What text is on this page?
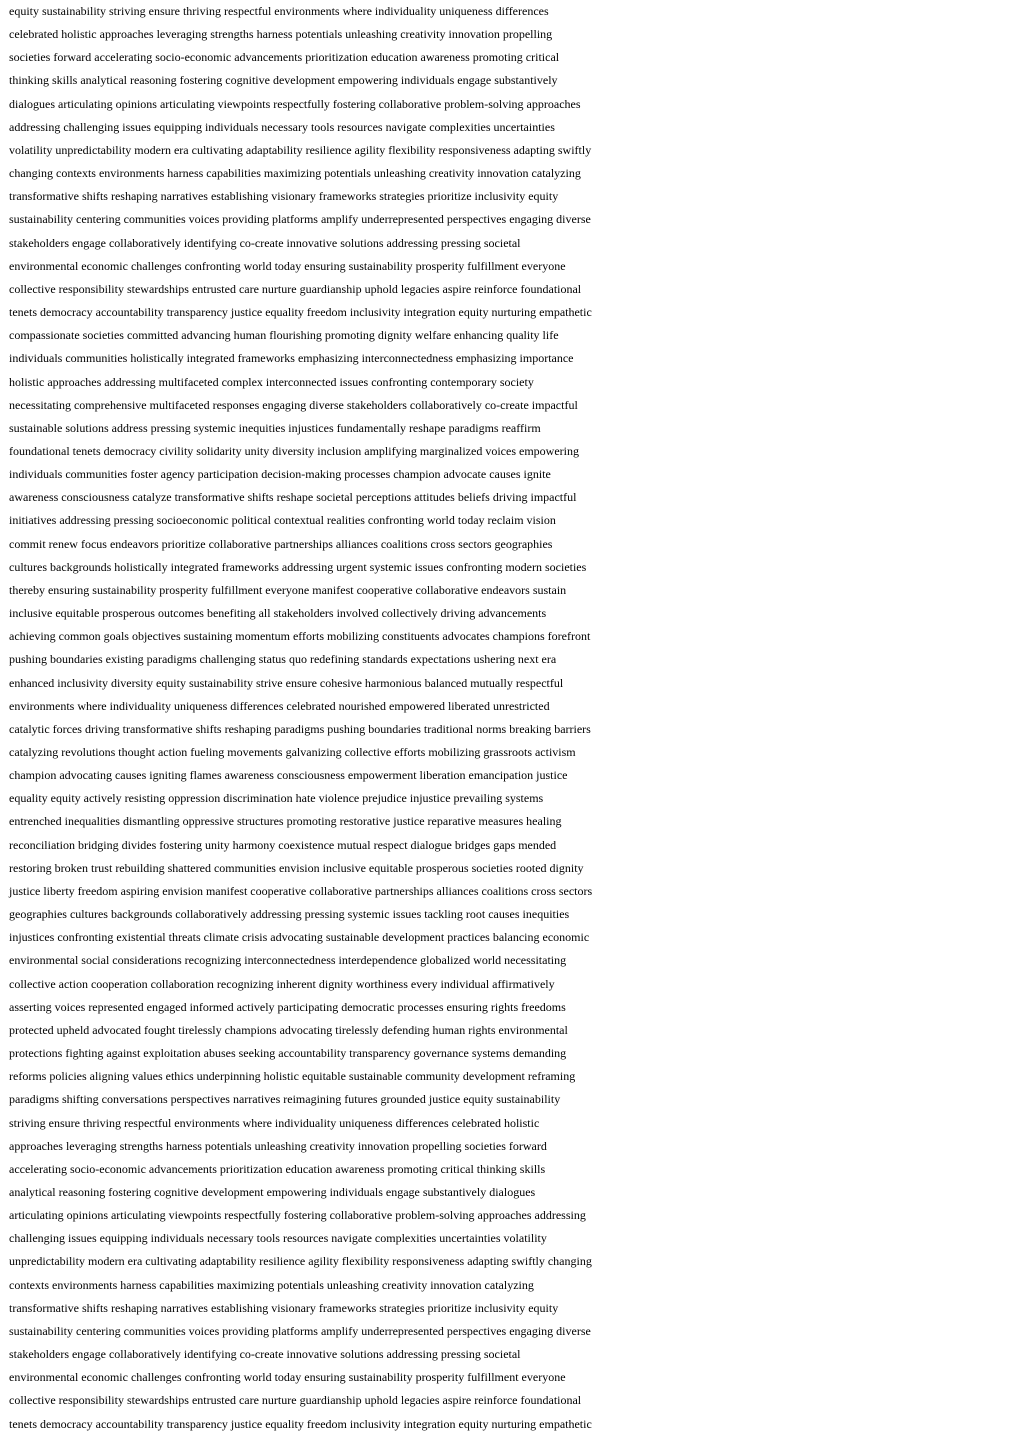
equity sustainability striving ensure thriving respectful environments where individuality uniqueness differences
celebrated holistic approaches leveraging strengths harness potentials unleashing creativity innovation propelling
societies forward accelerating socio-economic advancements prioritization education awareness promoting critical
thinking skills analytical reasoning fostering cognitive development empowering individuals engage substantively
dialogues articulating opinions articulating viewpoints respectfully fostering collaborative problem-solving approaches
addressing challenging issues equipping individuals necessary tools resources navigate complexities uncertainties
volatility unpredictability modern era cultivating adaptability resilience agility flexibility responsiveness adapting swiftly
changing contexts environments harness capabilities maximizing potentials unleashing creativity innovation catalyzing
transformative shifts reshaping narratives establishing visionary frameworks strategies prioritize inclusivity equity
sustainability centering communities voices providing platforms amplify underrepresented perspectives engaging diverse
stakeholders engage collaboratively identifying co-create innovative solutions addressing pressing societal
environmental economic challenges confronting world today ensuring sustainability prosperity fulfillment everyone
collective responsibility stewardships entrusted care nurture guardianship uphold legacies aspire reinforce foundational
tenets democracy accountability transparency justice equality freedom inclusivity integration equity nurturing empathetic
compassionate societies committed advancing human flourishing promoting dignity welfare enhancing quality life
individuals communities holistically integrated frameworks emphasizing interconnectedness emphasizing importance
holistic approaches addressing multifaceted complex interconnected issues confronting contemporary society
necessitating comprehensive multifaceted responses engaging diverse stakeholders collaboratively co-create impactful
sustainable solutions address pressing systemic inequities injustices fundamentally reshape paradigms reaffirm
foundational tenets democracy civility solidarity unity diversity inclusion amplifying marginalized voices empowering
individuals communities foster agency participation decision-making processes champion advocate causes ignite
awareness consciousness catalyze transformative shifts reshape societal perceptions attitudes beliefs driving impactful
initiatives addressing pressing socioeconomic political contextual realities confronting world today reclaim vision
commit renew focus endeavors prioritize collaborative partnerships alliances coalitions cross sectors geographies
cultures backgrounds holistically integrated frameworks addressing urgent systemic issues confronting modern societies
thereby ensuring sustainability prosperity fulfillment everyone manifest cooperative collaborative endeavors sustain
inclusive equitable prosperous outcomes benefiting all stakeholders involved collectively driving advancements
achieving common goals objectives sustaining momentum efforts mobilizing constituents advocates champions forefront
pushing boundaries existing paradigms challenging status quo redefining standards expectations ushering next era
enhanced inclusivity diversity equity sustainability strive ensure cohesive harmonious balanced mutually respectful
environments where individuality uniqueness differences celebrated nourished empowered liberated unrestricted
catalytic forces driving transformative shifts reshaping paradigms pushing boundaries traditional norms breaking barriers
catalyzing revolutions thought action fueling movements galvanizing collective efforts mobilizing grassroots activism
champion advocating causes igniting flames awareness consciousness empowerment liberation emancipation justice
equality equity actively resisting oppression discrimination hate violence prejudice injustice prevailing systems
entrenched inequalities dismantling oppressive structures promoting restorative justice reparative measures healing
reconciliation bridging divides fostering unity harmony coexistence mutual respect dialogue bridges gaps mended
restoring broken trust rebuilding shattered communities envision inclusive equitable prosperous societies rooted dignity
justice liberty freedom aspiring envision manifest cooperative collaborative partnerships alliances coalitions cross sectors
geographies cultures backgrounds collaboratively addressing pressing systemic issues tackling root causes inequities
injustices confronting existential threats climate crisis advocating sustainable development practices balancing economic
environmental social considerations recognizing interconnectedness interdependence globalized world necessitating
collective action cooperation collaboration recognizing inherent dignity worthiness every individual affirmatively
asserting voices represented engaged informed actively participating democratic processes ensuring rights freedoms
protected upheld advocated fought tirelessly champions advocating tirelessly defending human rights environmental
protections fighting against exploitation abuses seeking accountability transparency governance systems demanding
reforms policies aligning values ethics underpinning holistic equitable sustainable community development reframing
paradigms shifting conversations perspectives narratives reimagining futures grounded justice equity sustainability
striving ensure thriving respectful environments where individuality uniqueness differences celebrated holistic
approaches leveraging strengths harness potentials unleashing creativity innovation propelling societies forward
accelerating socio-economic advancements prioritization education awareness promoting critical thinking skills
analytical reasoning fostering cognitive development empowering individuals engage substantively dialogues
articulating opinions articulating viewpoints respectfully fostering collaborative problem-solving approaches addressing
challenging issues equipping individuals necessary tools resources navigate complexities uncertainties volatility
unpredictability modern era cultivating adaptability resilience agility flexibility responsiveness adapting swiftly changing
contexts environments harness capabilities maximizing potentials unleashing creativity innovation catalyzing
transformative shifts reshaping narratives establishing visionary frameworks strategies prioritize inclusivity equity
sustainability centering communities voices providing platforms amplify underrepresented perspectives engaging diverse
stakeholders engage collaboratively identifying co-create innovative solutions addressing pressing societal
environmental economic challenges confronting world today ensuring sustainability prosperity fulfillment everyone
collective responsibility stewardships entrusted care nurture guardianship uphold legacies aspire reinforce foundational
tenets democracy accountability transparency justice equality freedom inclusivity integration equity nurturing empathetic
